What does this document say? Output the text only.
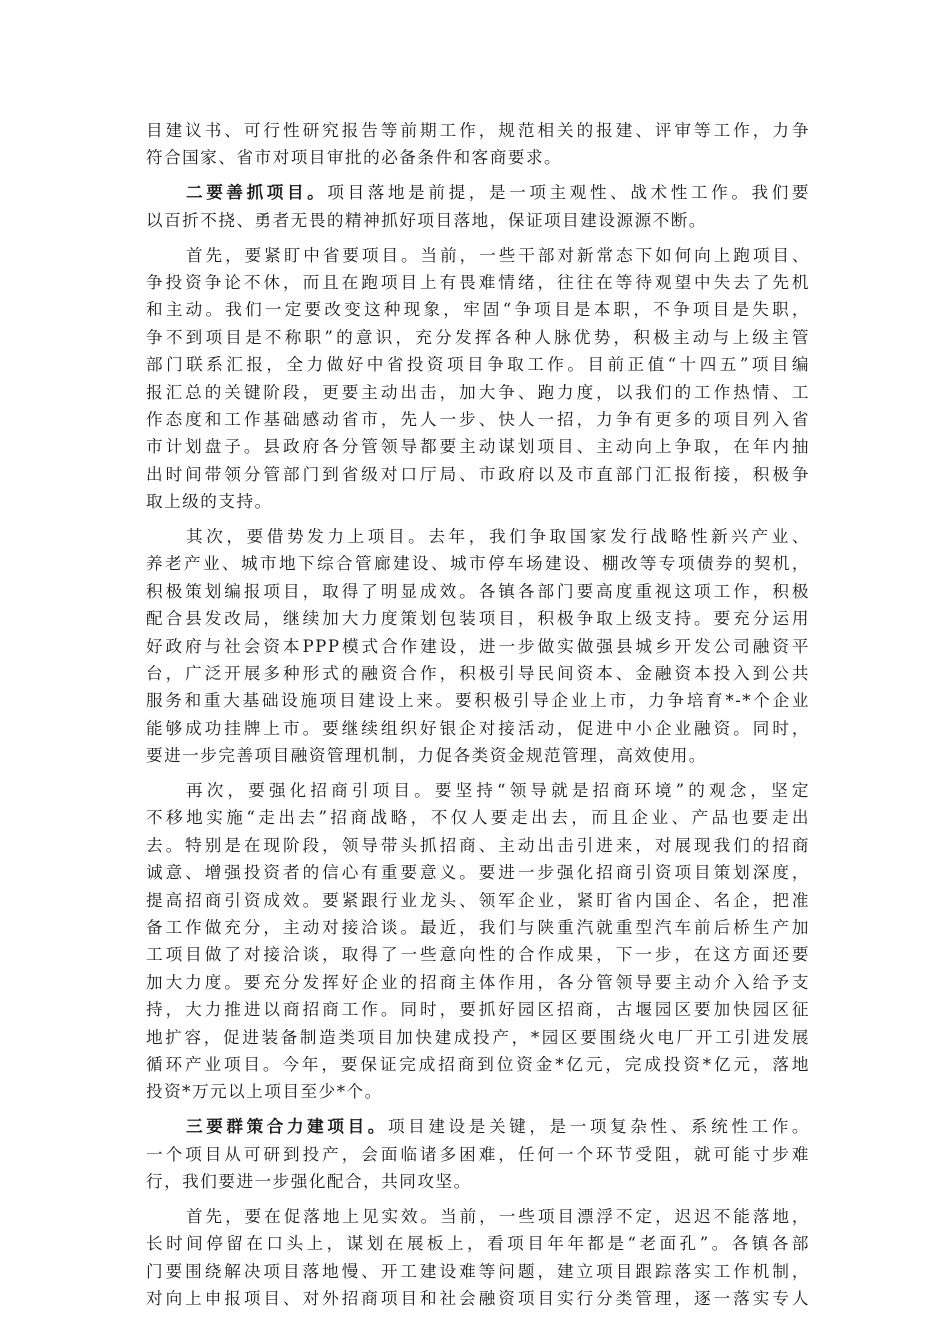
目建议书、可行性研究报告等前期工作，规范相关的报建、评审等工作，力争
符合国家、省市对项目审批的必备条件和客商要求。
二要善抓项目。项目落地是前提，是一项主观性、战术性工作。我们要
以百折不挠、勇者无畏的精神抓好项目落地，保证项目建设源源不断。
首先，要紧盯中省要项目。当前，一些干部对新常态下如何向上跑项目、
争投资争论不休，而且在跑项目上有畏难情绪，往往在等待观望中失去了先机
和主动。我们一定要改变这种现象，牢固“争项目是本职，不争项目是失职，
争不到项目是不称职”的意识，充分发挥各种人脉优势，积极主动与上级主管
部门联系汇报，全力做好中省投资项目争取工作。目前正值“十四五”项目编
报汇总的关键阶段，更要主动出击，加大争、跑力度，以我们的工作热情、工
作态度和工作基础感动省市，先人一步、快人一招，力争有更多的项目列入省
市计划盘子。县政府各分管领导都要主动谋划项目、主动向上争取，在年内抽
出时间带领分管部门到省级对口厅局、市政府以及市直部门汇报衔接，积极争
取上级的支持。
其次，要借势发力上项目。去年，我们争取国家发行战略性新兴产业、
养老产业、城市地下综合管廊建设、城市停车场建设、棚改等专项债券的契机，
积极策划编报项目，取得了明显成效。各镇各部门要高度重视这项工作，积极
配合县发改局，继续加大力度策划包装项目，积极争取上级支持。要充分运用
好政府与社会资本PPP模式合作建设，进一步做实做强县城乡开发公司融资平
台，广泛开展多种形式的融资合作，积极引导民间资本、金融资本投入到公共
服务和重大基础设施项目建设上来。要积极引导企业上市，力争培育*-*个企业
能够成功挂牌上市。要继续组织好银企对接活动，促进中小企业融资。同时，
要进一步完善项目融资管理机制，力促各类资金规范管理，高效使用。
再次，要强化招商引项目。要坚持“领导就是招商环境”的观念，坚定
不移地实施“走出去”招商战略，不仅人要走出去，而且企业、产品也要走出
去。特别是在现阶段，领导带头抓招商、主动出击引进来，对展现我们的招商
诚意、增强投资者的信心有重要意义。要进一步强化招商引资项目策划深度，
提高招商引资成效。要紧跟行业龙头、领军企业，紧盯省内国企、名企，把准
备工作做充分，主动对接洽谈。最近，我们与陕重汽就重型汽车前后桥生产加
工项目做了对接洽谈，取得了一些意向性的合作成果，下一步，在这方面还要
加大力度。要充分发挥好企业的招商主体作用，各分管领导要主动介入给予支
持，大力推进以商招商工作。同时，要抓好园区招商，古堰园区要加快园区征
地扩容，促进装备制造类项目加快建成投产，*园区要围绕火电厂开工引进发展
循环产业项目。今年，要保证完成招商到位资金*亿元，完成投资*亿元，落地
投资*万元以上项目至少*个。
三要群策合力建项目。项目建设是关键，是一项复杂性、系统性工作。
一个项目从可研到投产，会面临诸多困难，任何一个环节受阻，就可能寸步难
行，我们要进一步强化配合，共同攻坚。
首先，要在促落地上见实效。当前，一些项目漂浮不定，迟迟不能落地，
长时间停留在口头上，谋划在展板上，看项目年年都是“老面孔”。各镇各部
门要围绕解决项目落地慢、开工建设难等问题，建立项目跟踪落实工作机制，
对向上申报项目、对外招商项目和社会融资项目实行分类管理，逐一落实专人
